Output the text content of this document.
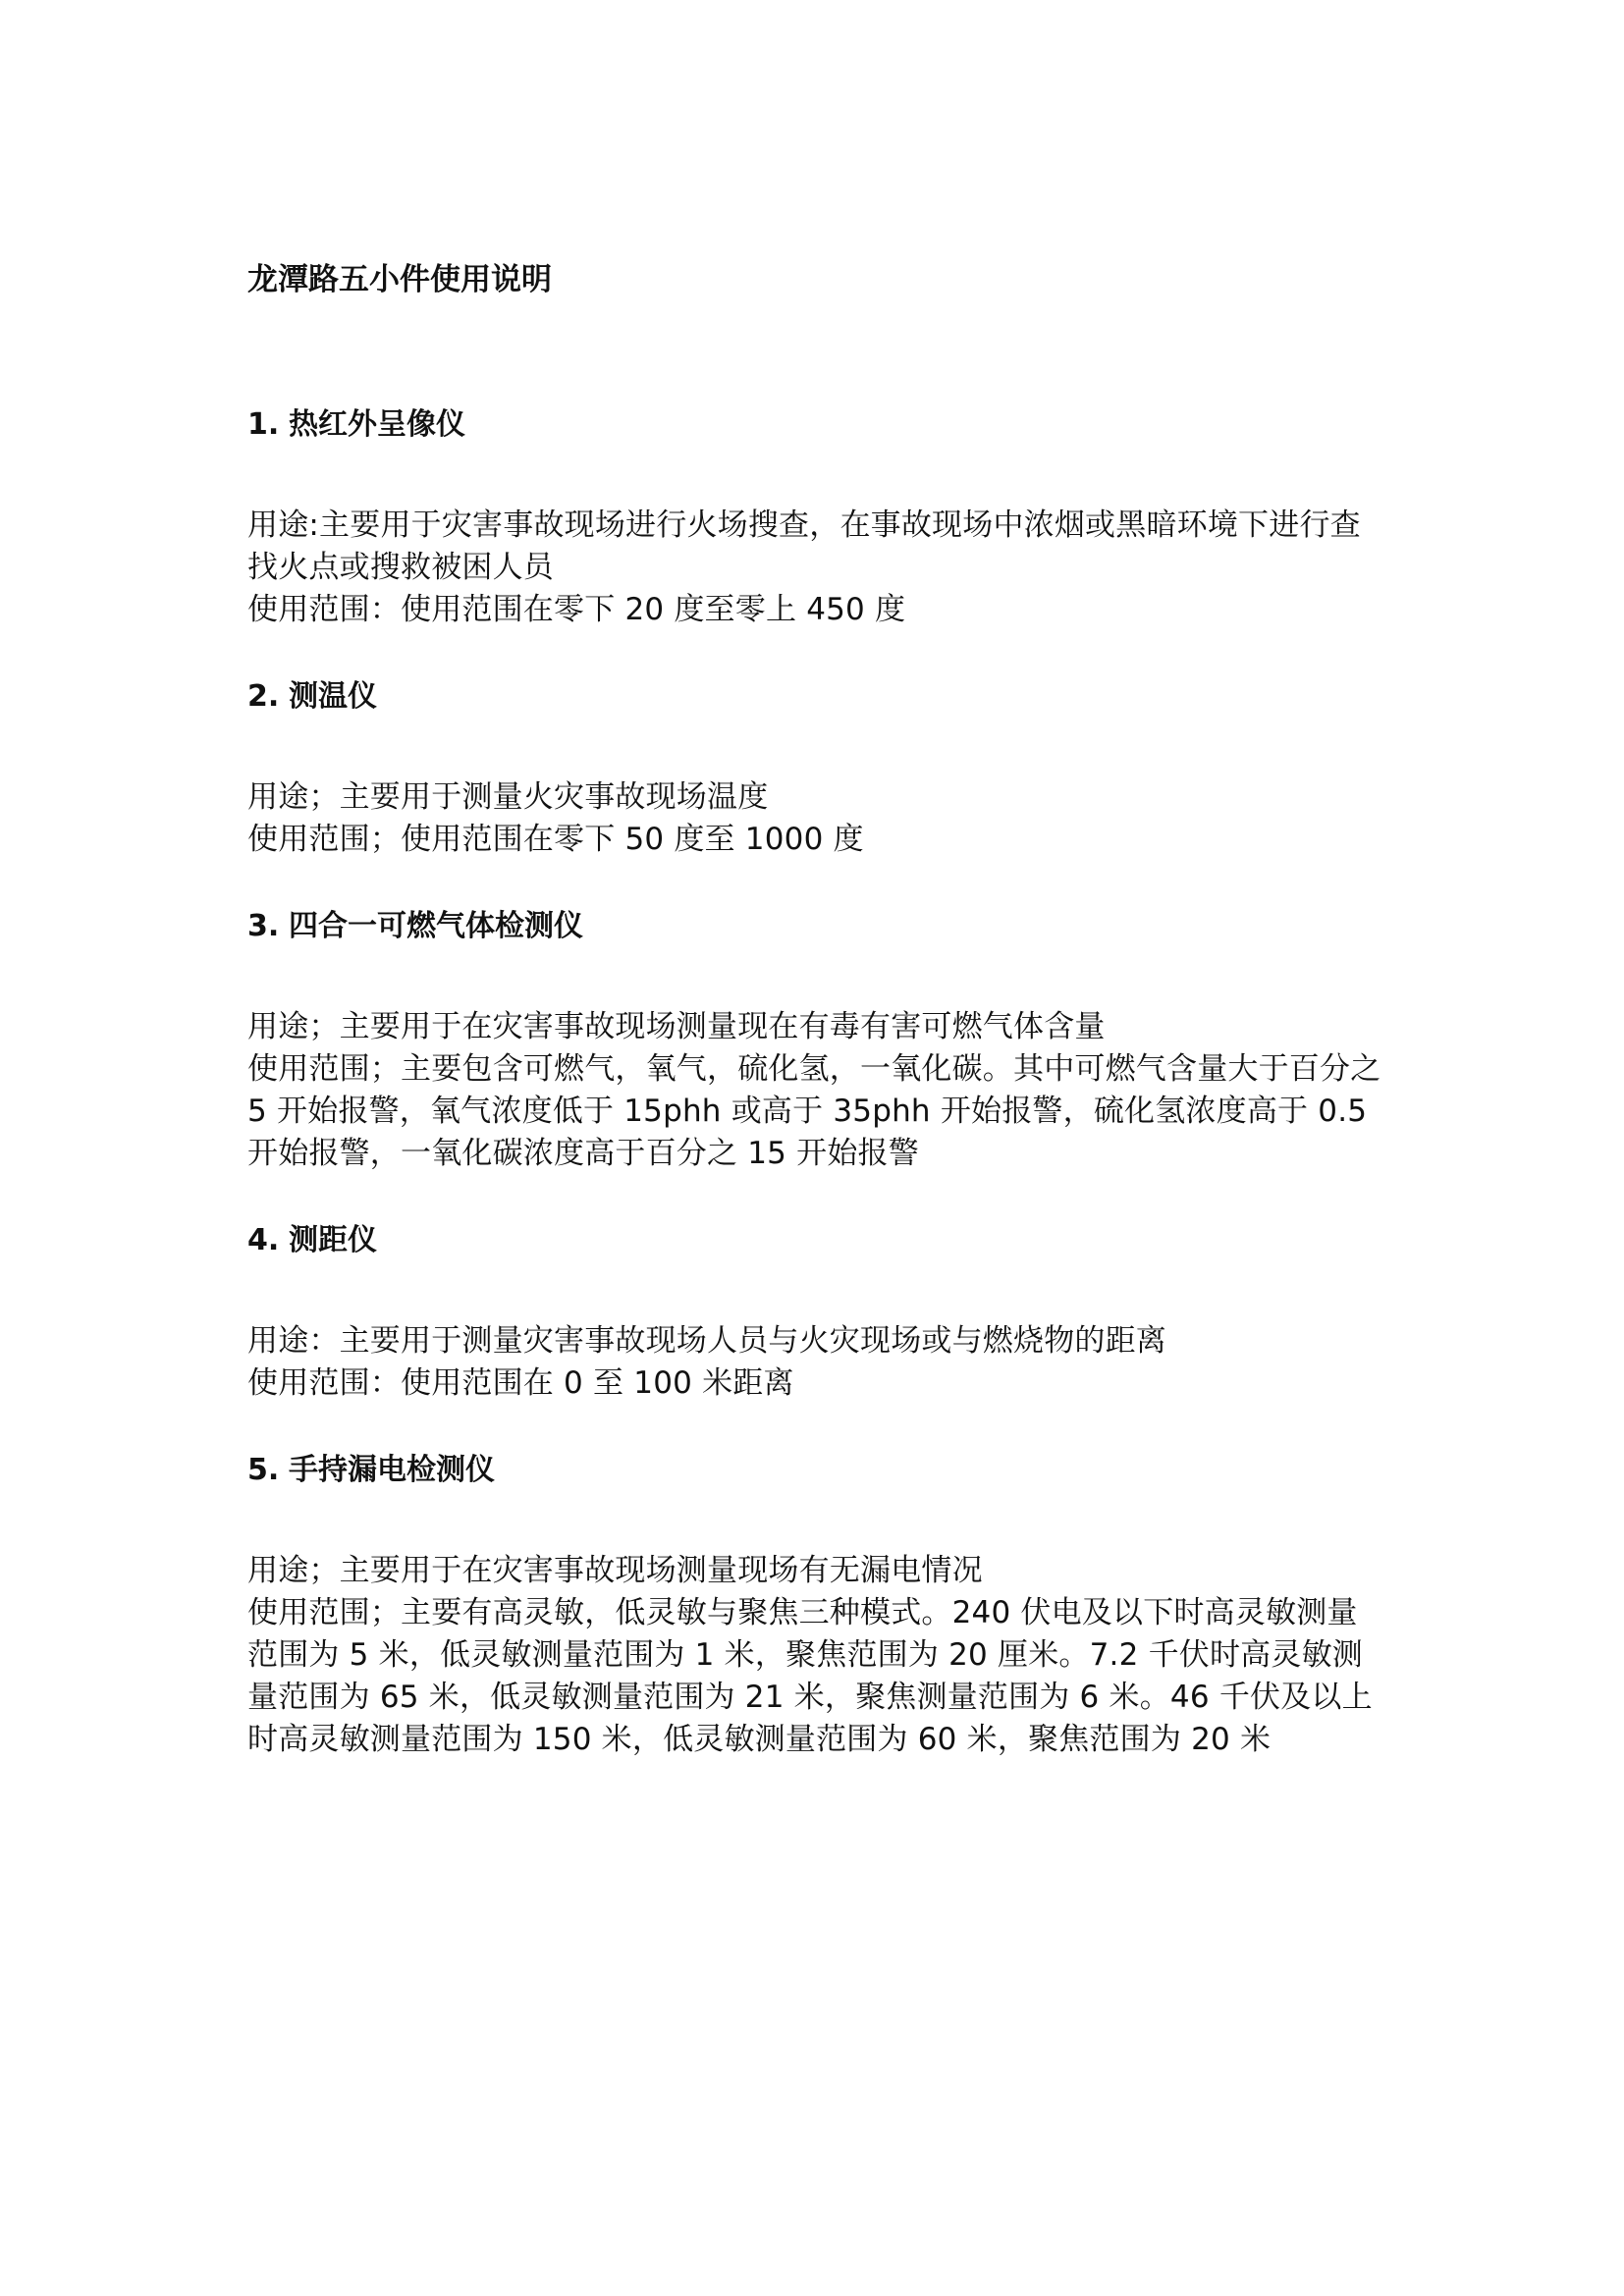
龙潭路五小件使用说明
1. 热红外呈像仪

用途:主要用于灾害事故现场进行火场搜查，在事故现场中浓烟或黑暗环境下进行查找火点或搜救被困人员

使用范围：使用范围在零下 20 度至零上 450 度

2. 测温仪

用途；主要用于测量火灾事故现场温度

使用范围；使用范围在零下 50 度至 1000 度

3. 四合一可燃气体检测仪

用途；主要用于在灾害事故现场测量现在有毒有害可燃气体含量

使用范围；主要包含可燃气，氧气，硫化氢，一氧化碳。其中可燃气含量大于百分之 5 开始报警，氧气浓度低于 15phh 或高于 35phh 开始报警，硫化氢浓度高于 0.5 开始报警，一氧化碳浓度高于百分之 15 开始报警

4. 测距仪

用途：主要用于测量灾害事故现场人员与火灾现场或与燃烧物的距离

使用范围：使用范围在 0 至 100 米距离

5. 手持漏电检测仪

用途；主要用于在灾害事故现场测量现场有无漏电情况

使用范围；主要有高灵敏，低灵敏与聚焦三种模式。240 伏电及以下时高灵敏测量范围为 5 米，低灵敏测量范围为 1 米，聚焦范围为 20 厘米。7.2 千伏时高灵敏测量范围为 65 米，低灵敏测量范围为 21 米，聚焦测量范围为 6 米。46 千伏及以上时高灵敏测量范围为 150 米，低灵敏测量范围为 60 米，聚焦范围为 20 米
